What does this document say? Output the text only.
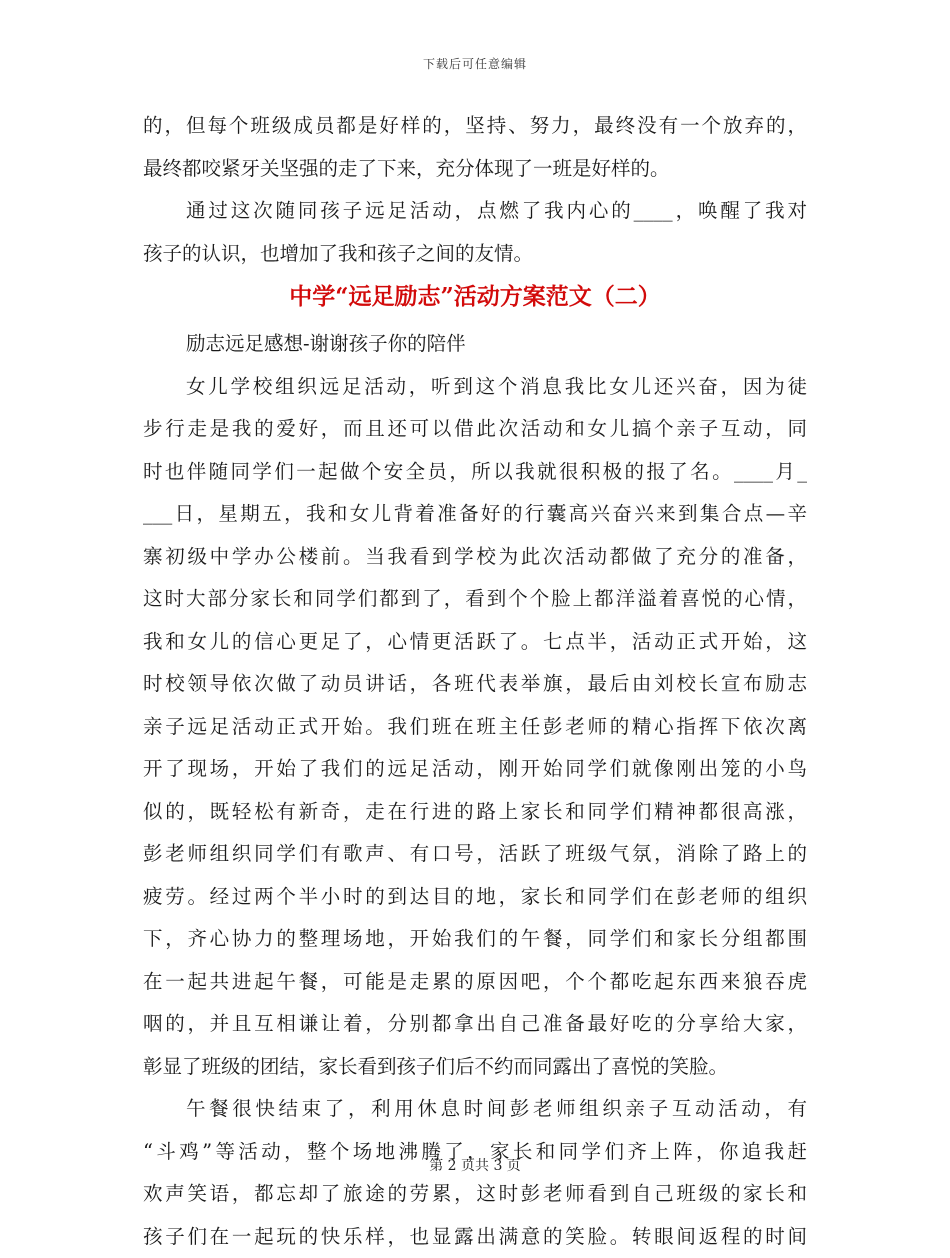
下载后可任意编辑
的，但每个班级成员都是好样的，坚持、努力，最终没有一个放弃的，
最终都咬紧牙关坚强的走了下来，充分体现了一班是好样的。
通过这次随同孩子远足活动，点燃了我内心的____，唤醒了我对
孩子的认识，也增加了我和孩子之间的友情。
中学“远足励志”活动方案范文（二）
励志远足感想-谢谢孩子你的陪伴
女儿学校组织远足活动，听到这个消息我比女儿还兴奋，因为徒
步行走是我的爱好，而且还可以借此次活动和女儿搞个亲子互动，同
时也伴随同学们一起做个安全员，所以我就很积极的报了名。____月_
___日，星期五，我和女儿背着准备好的行囊高兴奋兴来到集合点—辛
寨初级中学办公楼前。当我看到学校为此次活动都做了充分的准备，
这时大部分家长和同学们都到了，看到个个脸上都洋溢着喜悦的心情，
我和女儿的信心更足了，心情更活跃了。七点半，活动正式开始，这
时校领导依次做了动员讲话，各班代表举旗，最后由刘校长宣布励志
亲子远足活动正式开始。我们班在班主任彭老师的精心指挥下依次离
开了现场，开始了我们的远足活动，刚开始同学们就像刚出笼的小鸟
似的，既轻松有新奇，走在行进的路上家长和同学们精神都很高涨，
彭老师组织同学们有歌声、有口号，活跃了班级气氛，消除了路上的
疲劳。经过两个半小时的到达目的地，家长和同学们在彭老师的组织
下，齐心协力的整理场地，开始我们的午餐，同学们和家长分组都围
在一起共进起午餐，可能是走累的原因吧，个个都吃起东西来狼吞虎
咽的，并且互相谦让着，分别都拿出自己准备最好吃的分享给大家，
彰显了班级的团结，家长看到孩子们后不约而同露出了喜悦的笑脸。
午餐很快结束了，利用休息时间彭老师组织亲子互动活动，有
“斗鸡”等活动，整个场地沸腾了，家长和同学们齐上阵，你追我赶
欢声笑语，都忘却了旅途的劳累，这时彭老师看到自己班级的家长和
孩子们在一起玩的快乐样，也显露出满意的笑脸。转眼间返程的时间
第 2 页共 3 页
